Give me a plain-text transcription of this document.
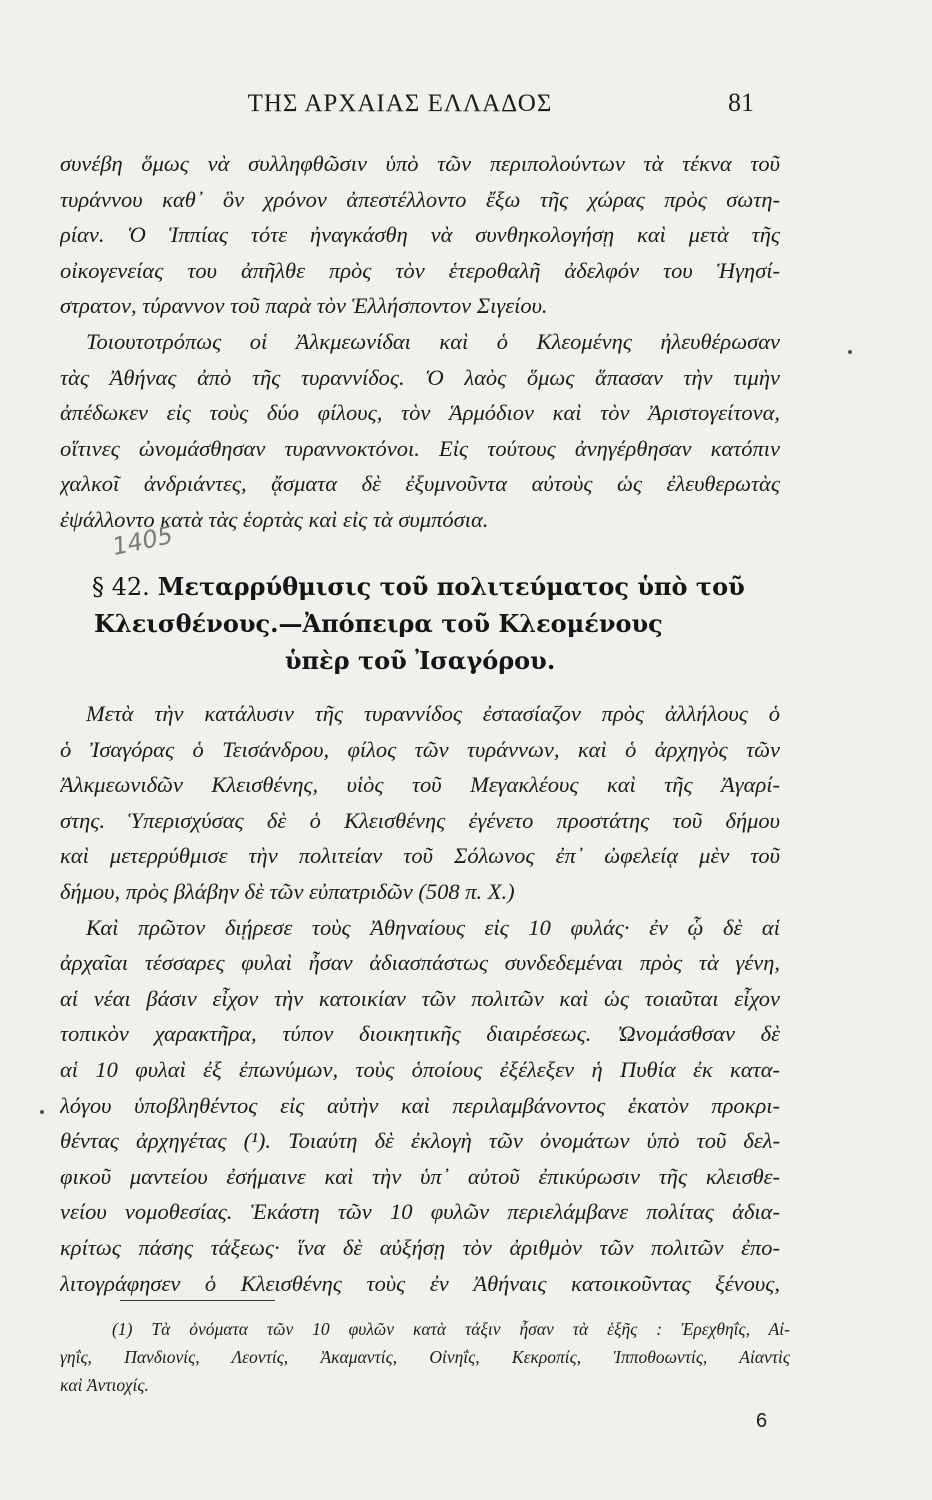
ΤΗΣ ΑΡΧΑΙΑΣ ΕΛΛΑΔΟΣ	81
συνέβη ὅμως νὰ συλληφθῶσιν ὑπὸ τῶν περιπολούντων τὰ τέκνα τοῦ
τυράννου καθ᾽ ὃν χρόνον ἀπεστέλλοντο ἔξω τῆς χώρας πρὸς σωτη-
ρίαν. Ὁ Ἱππίας τότε ἠναγκάσθη νὰ συνθηκολογήσῃ καὶ μετὰ τῆς
οἰκογενείας του ἀπῆλθε πρὸς τὸν ἑτεροθαλῆ ἀδελφόν του Ἡγησί-
στρατον, τύραννον τοῦ παρὰ τὸν Ἑλλήσποντον Σιγείου.
Τοιουτοτρόπως οἱ Ἀλκμεωνίδαι καὶ ὁ Κλεομένης ἠλευθέρωσαν
τὰς Ἀθήνας ἀπὸ τῆς τυραννίδος. Ὁ λαὸς ὅμως ἅπασαν τὴν τιμὴν
ἀπέδωκεν εἰς τοὺς δύο φίλους, τὸν Ἁρμόδιον καὶ τὸν Ἀριστογείτονα,
οἵτινες ὠνομάσθησαν τυραννοκτόνοι. Εἰς τούτους ἀνηγέρθησαν κατόπιν
χαλκοῖ ἀνδριάντες, ᾄσματα δὲ ἐξυμνοῦντα αὐτοὺς ὡς ἐλευθερωτὰς
ἐψάλλοντο κατὰ τὰς ἑορτὰς καὶ εἰς τὰ συμπόσια.
1405
§ 42. Μεταρρύθμισις τοῦ πολιτεύματος ὑπὸ τοῦ
Κλεισθένους.—Ἀπόπειρα τοῦ Κλεομένους
ὑπὲρ τοῦ Ἰσαγόρου.
Μετὰ τὴν κατάλυσιν τῆς τυραννίδος ἐστασίαζον πρὸς ἀλλήλους ὁ
ὁ Ἰσαγόρας ὁ Τεισάνδρου, φίλος τῶν τυράννων, καὶ ὁ ἀρχηγὸς τῶν
Ἀλκμεωνιδῶν Κλεισθένης, υἱὸς τοῦ Μεγακλέους καὶ τῆς Ἀγαρί-
στης. Ὑπερισχύσας δὲ ὁ Κλεισθένης ἐγένετο προστάτης τοῦ δήμου
καὶ μετερρύθμισε τὴν πολιτείαν τοῦ Σόλωνος ἐπ᾽ ὠφελείᾳ μὲν τοῦ
δήμου, πρὸς βλάβην δὲ τῶν εὐπατριδῶν (508 π. Χ.)
Καὶ πρῶτον διῄρεσε τοὺς Ἀθηναίους εἰς 10 φυλάς· ἐν ᾧ δὲ αἱ
ἀρχαῖαι τέσσαρες φυλαὶ ἦσαν ἀδιασπάστως συνδεδεμέναι πρὸς τὰ γένη,
αἱ νέαι βάσιν εἶχον τὴν κατοικίαν τῶν πολιτῶν καὶ ὡς τοιαῦται εἶχον
τοπικὸν χαρακτῆρα, τύπον διοικητικῆς διαιρέσεως. Ὠνομάσθσαν δὲ
αἱ 10 φυλαὶ ἐξ ἐπωνύμων, τοὺς ὁποίους ἐξέλεξεν ἡ Πυθία ἐκ κατα-
λόγου ὑποβληθέντος εἰς αὐτὴν καὶ περιλαμβάνοντος ἑκατὸν προκρι-
θέντας ἀρχηγέτας (¹). Τοιαύτη δὲ ἐκλογὴ τῶν ὀνομάτων ὑπὸ τοῦ δελ-
φικοῦ μαντείου ἐσήμαινε καὶ τὴν ὑπ᾽ αὐτοῦ ἐπικύρωσιν τῆς κλεισθε-
νείου νομοθεσίας. Ἑκάστη τῶν 10 φυλῶν περιελάμβανε πολίτας ἀδια-
κρίτως πάσης τάξεως· ἵνα δὲ αὐξήσῃ τὸν ἀριθμὸν τῶν πολιτῶν ἐπο-
λιτογράφησεν ὁ Κλεισθένης τοὺς ἐν Ἀθήναις κατοικοῦντας ξένους,
(1) Τὰ ὀνόματα τῶν 10 φυλῶν κατὰ τάξιν ἦσαν τὰ ἑξῆς : Ἐρεχθηΐς, Αἰ-
γηΐς, Πανδιονίς, Λεοντίς, Ἀκαμαντίς, Οἰνηΐς, Κεκροπίς, Ἱπποθοωντίς, Αἰαντὶς
καὶ Ἀντιοχίς.
6
